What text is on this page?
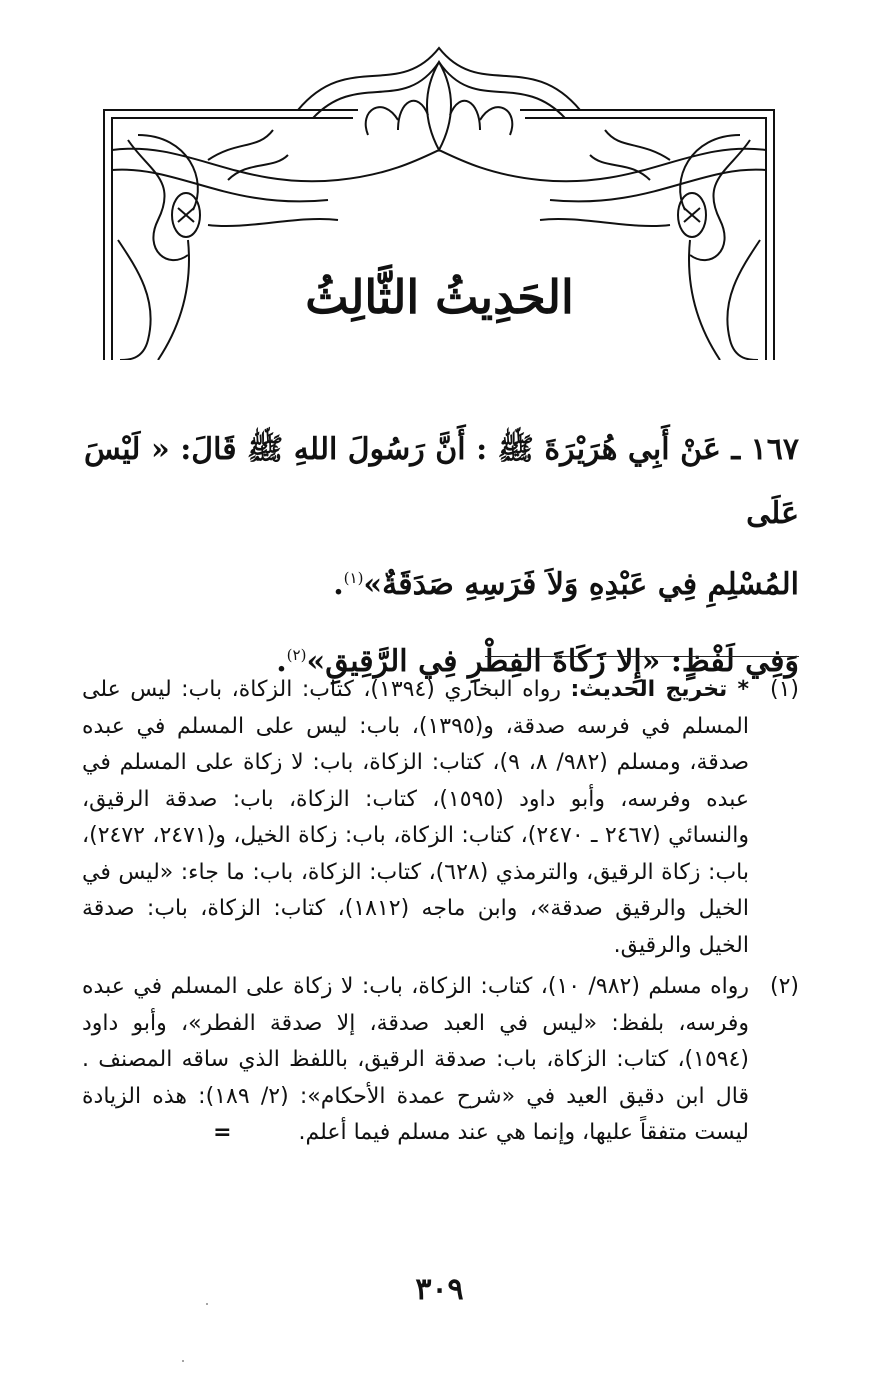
الحَدِيثُ الثَّالِثُ

١٦٧ ـ عَنْ أَبِي هُرَيْرَةَ ﷺ : أَنَّ رَسُولَ اللهِ ﷺ قَالَ: « لَيْسَ عَلَى

المُسْلِمِ فِي عَبْدِهِ وَلاَ فَرَسِهِ صَدَقَةٌ»$^{(١)}$.

وَفِي لَفْظٍ: «إِلا زَكَاةَ الفِطْرِ فِي الرَّقِيقِ»$^{(٢)}$.

(١)
* تخريج الحديث: رواه البخاري (١٣٩٤)، كتاب: الزكاة، باب: ليس على المسلم في فرسه صدقة، و(١٣٩٥)، باب: ليس على المسلم في عبده صدقة، ومسلم (٩٨٢/ ٨، ٩)، كتاب: الزكاة، باب: لا زكاة على المسلم في عبده وفرسه، وأبو داود (١٥٩٥)، كتاب: الزكاة، باب: صدقة الرقيق، والنسائي (٢٤٦٧ ـ ٢٤٧٠)، كتاب: الزكاة، باب: زكاة الخيل، و(٢٤٧١، ٢٤٧٢)، باب: زكاة الرقيق، والترمذي (٦٢٨)، كتاب: الزكاة، باب: ما جاء: «ليس في الخيل والرقيق صدقة»، وابن ماجه (١٨١٢)، كتاب: الزكاة، باب: صدقة الخيل والرقيق.
(٢)
رواه مسلم (٩٨٢/ ١٠)، كتاب: الزكاة، باب: لا زكاة على المسلم في عبده وفرسه، بلفظ: «ليس في العبد صدقة، إلا صدقة الفطر»، وأبو داود (١٥٩٤)، كتاب: الزكاة، باب: صدقة الرقيق، باللفظ الذي ساقه المصنف . قال ابن دقيق العيد في «شرح عمدة الأحكام»: (٢/ ١٨٩): هذه الزيادة ليست متفقاً عليها، وإنما هي عند مسلم فيما أعلم. =
٣٠٩
